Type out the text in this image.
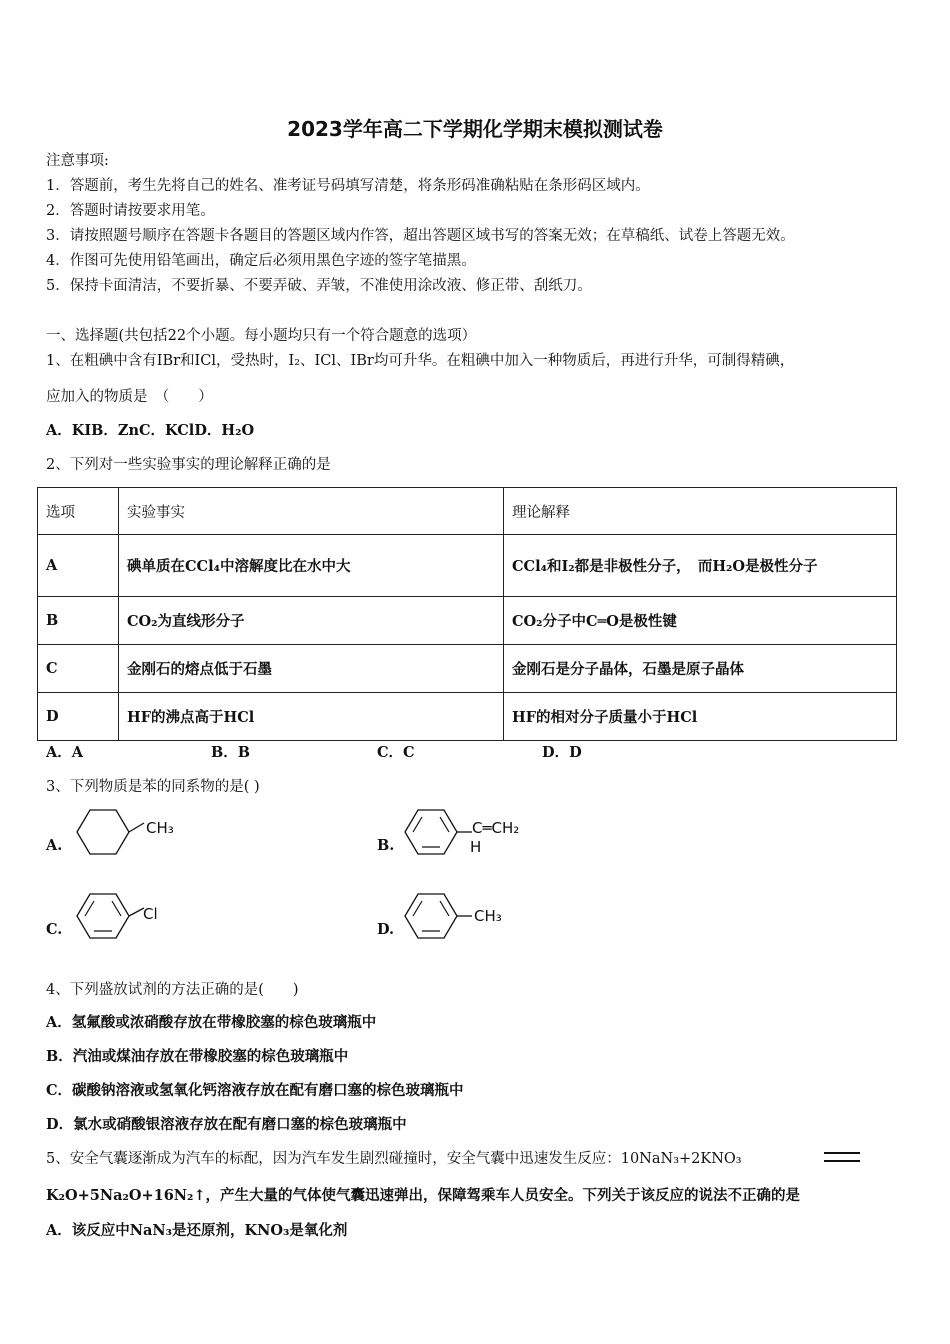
2023学年高二下学期化学期末模拟测试卷
注意事项:
1．答题前，考生先将自己的姓名、准考证号码填写清楚，将条形码准确粘贴在条形码区域内。
2．答题时请按要求用笔。
3．请按照题号顺序在答题卡各题目的答题区域内作答，超出答题区域书写的答案无效；在草稿纸、试卷上答题无效。
4．作图可先使用铅笔画出，确定后必须用黑色字迹的签字笔描黑。
5．保持卡面清洁，不要折暴、不要弄破、弄皱，不准使用涂改液、修正带、刮纸刀。
一、选择题(共包括22个小题。每小题均只有一个符合题意的选项）
1、在粗碘中含有IBr和ICl，受热时，I₂、ICl、IBr均可升华。在粗碘中加入一种物质后，再进行升华，可制得精碘，
应加入的物质是　（　　）
A．KIB．ZnC．KClD．H₂O
2、下列对一些实验事实的理论解释正确的是
选项	实验事实	理论解释
A	碘单质在CCl₄中溶解度比在水中大	CCl₄和I₂都是非极性分子，　而H₂O是极性分子
B	CO₂为直线形分子	CO₂分子中C═O是极性键
C	金刚石的熔点低于石墨	金刚石是分子晶体，石墨是原子晶体
D	HF的沸点高于HCl	HF的相对分子质量小于HCl
A．A	B．B	C．C	D．D
3、下列物质是苯的同系物的是( )
A.
CH₃
B.
C═CH₂
H
C.
Cl
D.
CH₃
4、下列盛放试剂的方法正确的是(　　)
A．氢氟酸或浓硝酸存放在带橡胶塞的棕色玻璃瓶中
B．汽油或煤油存放在带橡胶塞的棕色玻璃瓶中
C．碳酸钠溶液或氢氧化钙溶液存放在配有磨口塞的棕色玻璃瓶中
D．氯水或硝酸银溶液存放在配有磨口塞的棕色玻璃瓶中
5、安全气囊逐渐成为汽车的标配，因为汽车发生剧烈碰撞时，安全气囊中迅速发生反应：10NaN₃+2KNO₃
K₂O+5Na₂O+16N₂↑，产生大量的气体使气囊迅速弹出，保障驾乘车人员安全。下列关于该反应的说法不正确的是
A．该反应中NaN₃是还原剂，KNO₃是氧化剂
